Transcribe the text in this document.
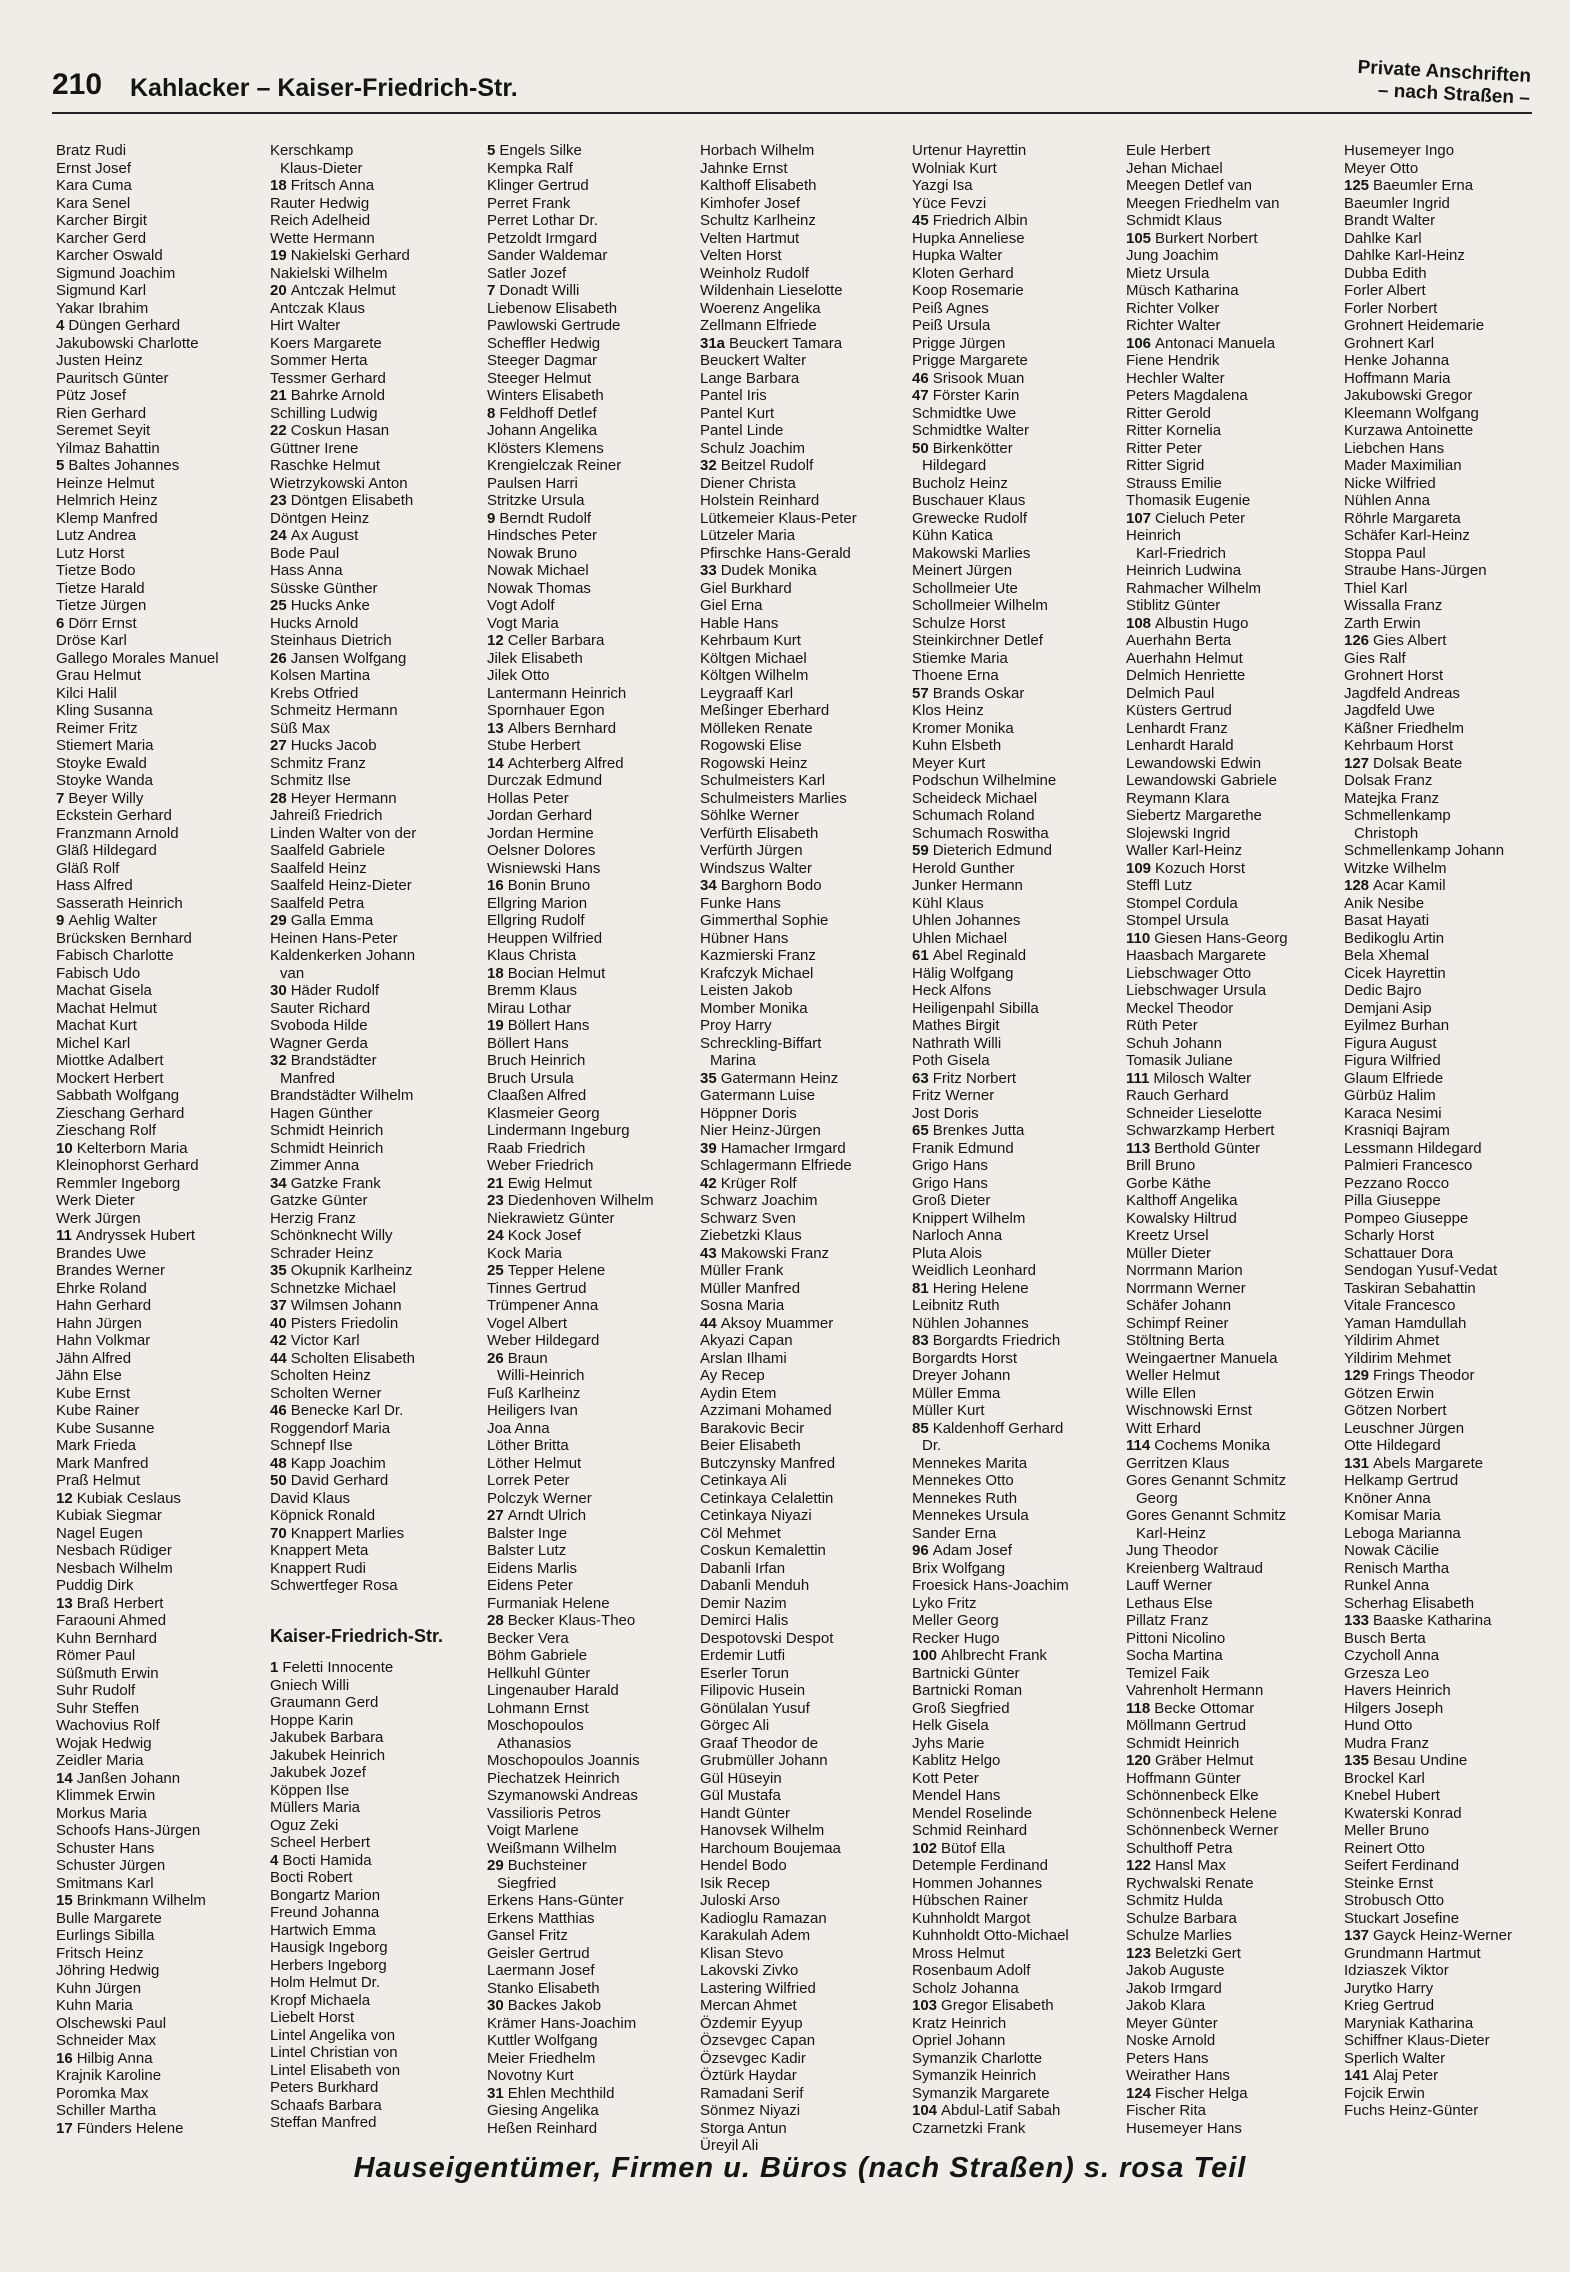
210 Kahlacker – Kaiser-Friedrich-Str.
Private Anschriften
– nach Straßen –
Bratz Rudi
Ernst Josef
Kara Cuma
Kara Senel
Karcher Birgit
Karcher Gerd
Karcher Oswald
Sigmund Joachim
Sigmund Karl
Yakar Ibrahim
4 Düngen Gerhard
Jakubowski Charlotte
Justen Heinz
Pauritsch Günter
Pütz Josef
Rien Gerhard
Seremet Seyit
Yilmaz Bahattin
5 Baltes Johannes
Heinze Helmut
Helmrich Heinz
Klemp Manfred
Lutz Andrea
Lutz Horst
Tietze Bodo
Tietze Harald
Tietze Jürgen
6 Dörr Ernst
Dröse Karl
Gallego Morales Manuel
Grau Helmut
Kilci Halil
Kling Susanna
Reimer Fritz
Stiemert Maria
Stoyke Ewald
Stoyke Wanda
7 Beyer Willy
Eckstein Gerhard
Franzmann Arnold
Gläß Hildegard
Gläß Rolf
Hass Alfred
Sasserath Heinrich
9 Aehlig Walter
Brücksken Bernhard
Fabisch Charlotte
Fabisch Udo
Machat Gisela
Machat Helmut
Machat Kurt
Michel Karl
Miottke Adalbert
Mockert Herbert
Sabbath Wolfgang
Zieschang Gerhard
Zieschang Rolf
10 Kelterborn Maria
Kleinophorst Gerhard
Remmler Ingeborg
Werk Dieter
Werk Jürgen
11 Andryssek Hubert
Brandes Uwe
Brandes Werner
Ehrke Roland
Hahn Gerhard
Hahn Jürgen
Hahn Volkmar
Jähn Alfred
Jähn Else
Kube Ernst
Kube Rainer
Kube Susanne
Mark Frieda
Mark Manfred
Praß Helmut
12 Kubiak Ceslaus
Kubiak Siegmar
Nagel Eugen
Nesbach Rüdiger
Nesbach Wilhelm
Puddig Dirk
13 Braß Herbert
Faraouni Ahmed
Kuhn Bernhard
Römer Paul
Süßmuth Erwin
Suhr Rudolf
Suhr Steffen
Wachovius Rolf
Wojak Hedwig
Zeidler Maria
14 Janßen Johann
Klimmek Erwin
Morkus Maria
Schoofs Hans-Jürgen
Schuster Hans
Schuster Jürgen
Smitmans Karl
15 Brinkmann Wilhelm
Bulle Margarete
Eurlings Sibilla
Fritsch Heinz
Jöhring Hedwig
Kuhn Jürgen
Kuhn Maria
Olschewski Paul
Schneider Max
16 Hilbig Anna
Krajnik Karoline
Poromka Max
Schiller Martha
17 Fünders Helene
Kerschkamp
Klaus-Dieter
18 Fritsch Anna
Rauter Hedwig
Reich Adelheid
Wette Hermann
19 Nakielski Gerhard
Nakielski Wilhelm
20 Antczak Helmut
Antczak Klaus
Hirt Walter
Koers Margarete
Sommer Herta
Tessmer Gerhard
21 Bahrke Arnold
Schilling Ludwig
22 Coskun Hasan
Güttner Irene
Raschke Helmut
Wietrzykowski Anton
23 Döntgen Elisabeth
Döntgen Heinz
24 Ax August
Bode Paul
Hass Anna
Süsske Günther
25 Hucks Anke
Hucks Arnold
Steinhaus Dietrich
26 Jansen Wolfgang
Kolsen Martina
Krebs Otfried
Schmeitz Hermann
Süß Max
27 Hucks Jacob
Schmitz Franz
Schmitz Ilse
28 Heyer Hermann
Jahreiß Friedrich
Linden Walter von der
Saalfeld Gabriele
Saalfeld Heinz
Saalfeld Heinz-Dieter
Saalfeld Petra
29 Galla Emma
Heinen Hans-Peter
Kaldenkerken Johann
van
30 Häder Rudolf
Sauter Richard
Svoboda Hilde
Wagner Gerda
32 Brandstädter
Manfred
Brandstädter Wilhelm
Hagen Günther
Schmidt Heinrich
Schmidt Heinrich
Zimmer Anna
34 Gatzke Frank
Gatzke Günter
Herzig Franz
Schönknecht Willy
Schrader Heinz
35 Okupnik Karlheinz
Schnetzke Michael
37 Wilmsen Johann
40 Pisters Friedolin
42 Victor Karl
44 Scholten Elisabeth
Scholten Heinz
Scholten Werner
46 Benecke Karl Dr.
Roggendorf Maria
Schnepf Ilse
48 Kapp Joachim
50 David Gerhard
David Klaus
Köpnick Ronald
70 Knappert Marlies
Knappert Meta
Knappert Rudi
Schwertfeger Rosa
Kaiser-Friedrich-Str.
1 Feletti Innocente
Gniech Willi
Graumann Gerd
Hoppe Karin
Jakubek Barbara
Jakubek Heinrich
Jakubek Jozef
Köppen Ilse
Müllers Maria
Oguz Zeki
Scheel Herbert
4 Bocti Hamida
Bocti Robert
Bongartz Marion
Freund Johanna
Hartwich Emma
Hausigk Ingeborg
Herbers Ingeborg
Holm Helmut Dr.
Kropf Michaela
Liebelt Horst
Lintel Angelika von
Lintel Christian von
Lintel Elisabeth von
Peters Burkhard
Schaafs Barbara
Steffan Manfred
5 Engels Silke
Kempka Ralf
Klinger Gertrud
Perret Frank
Perret Lothar Dr.
Petzoldt Irmgard
Sander Waldemar
Satler Jozef
7 Donadt Willi
Liebenow Elisabeth
Pawlowski Gertrude
Scheffler Hedwig
Steeger Dagmar
Steeger Helmut
Winters Elisabeth
8 Feldhoff Detlef
Johann Angelika
Klösters Klemens
Krengielczak Reiner
Paulsen Harri
Stritzke Ursula
9 Berndt Rudolf
Hindsches Peter
Nowak Bruno
Nowak Michael
Nowak Thomas
Vogt Adolf
Vogt Maria
12 Celler Barbara
Jilek Elisabeth
Jilek Otto
Lantermann Heinrich
Spornhauer Egon
13 Albers Bernhard
Stube Herbert
14 Achterberg Alfred
Durczak Edmund
Hollas Peter
Jordan Gerhard
Jordan Hermine
Oelsner Dolores
Wisniewski Hans
16 Bonin Bruno
Ellgring Marion
Ellgring Rudolf
Heuppen Wilfried
Klaus Christa
18 Bocian Helmut
Bremm Klaus
Mirau Lothar
19 Böllert Hans
Böllert Hans
Bruch Heinrich
Bruch Ursula
Claaßen Alfred
Klasmeier Georg
Lindermann Ingeburg
Raab Friedrich
Weber Friedrich
21 Ewig Helmut
23 Diedenhoven Wilhelm
Niekrawietz Günter
24 Kock Josef
Kock Maria
25 Tepper Helene
Tinnes Gertrud
Trümpener Anna
Vogel Albert
Weber Hildegard
26 Braun
Willi-Heinrich
Fuß Karlheinz
Heiligers Ivan
Joa Anna
Löther Britta
Löther Helmut
Lorrek Peter
Polczyk Werner
27 Arndt Ulrich
Balster Inge
Balster Lutz
Eidens Marlis
Eidens Peter
Furmaniak Helene
28 Becker Klaus-Theo
Becker Vera
Böhm Gabriele
Hellkuhl Günter
Lingenauber Harald
Lohmann Ernst
Moschopoulos
Athanasios
Moschopoulos Joannis
Piechatzek Heinrich
Szymanowski Andreas
Vassilioris Petros
Voigt Marlene
Weißmann Wilhelm
29 Buchsteiner
Siegfried
Erkens Hans-Günter
Erkens Matthias
Gansel Fritz
Geisler Gertrud
Laermann Josef
Stanko Elisabeth
30 Backes Jakob
Krämer Hans-Joachim
Kuttler Wolfgang
Meier Friedhelm
Novotny Kurt
31 Ehlen Mechthild
Giesing Angelika
Heßen Reinhard
Horbach Wilhelm
Jahnke Ernst
Kalthoff Elisabeth
Kimhofer Josef
Schultz Karlheinz
Velten Hartmut
Velten Horst
Weinholz Rudolf
Wildenhain Lieselotte
Woerenz Angelika
Zellmann Elfriede
31a Beuckert Tamara
Beuckert Walter
Lange Barbara
Pantel Iris
Pantel Kurt
Pantel Linde
Schulz Joachim
32 Beitzel Rudolf
Diener Christa
Holstein Reinhard
Lütkemeier Klaus-Peter
Lützeler Maria
Pfirschke Hans-Gerald
33 Dudek Monika
Giel Burkhard
Giel Erna
Hable Hans
Kehrbaum Kurt
Költgen Michael
Költgen Wilhelm
Leygraaff Karl
Meßinger Eberhard
Mölleken Renate
Rogowski Elise
Rogowski Heinz
Schulmeisters Karl
Schulmeisters Marlies
Söhlke Werner
Verfürth Elisabeth
Verfürth Jürgen
Windszus Walter
34 Barghorn Bodo
Funke Hans
Gimmerthal Sophie
Hübner Hans
Kazmierski Franz
Krafczyk Michael
Leisten Jakob
Momber Monika
Proy Harry
Schreckling-Biffart
Marina
35 Gatermann Heinz
Gatermann Luise
Höppner Doris
Nier Heinz-Jürgen
39 Hamacher Irmgard
Schlagermann Elfriede
42 Krüger Rolf
Schwarz Joachim
Schwarz Sven
Ziebetzki Klaus
43 Makowski Franz
Müller Frank
Müller Manfred
Sosna Maria
44 Aksoy Muammer
Akyazi Capan
Arslan Ilhami
Ay Recep
Aydin Etem
Azzimani Mohamed
Barakovic Becir
Beier Elisabeth
Butczynsky Manfred
Cetinkaya Ali
Cetinkaya Celalettin
Cetinkaya Niyazi
Cöl Mehmet
Coskun Kemalettin
Dabanli Irfan
Dabanli Menduh
Demir Nazim
Demirci Halis
Despotovski Despot
Erdemir Lutfi
Eserler Torun
Filipovic Husein
Gönülalan Yusuf
Görgec Ali
Graaf Theodor de
Grubmüller Johann
Gül Hüseyin
Gül Mustafa
Handt Günter
Hanovsek Wilhelm
Harchoum Boujemaa
Hendel Bodo
Isik Recep
Juloski Arso
Kadioglu Ramazan
Karakulah Adem
Klisan Stevo
Lakovski Zivko
Lastering Wilfried
Mercan Ahmet
Özdemir Eyyup
Özsevgec Capan
Özsevgec Kadir
Öztürk Haydar
Ramadani Serif
Sönmez Niyazi
Storga Antun
Üreyil Ali
Urtenur Hayrettin
Wolniak Kurt
Yazgi Isa
Yüce Fevzi
45 Friedrich Albin
Hupka Anneliese
Hupka Walter
Kloten Gerhard
Koop Rosemarie
Peiß Agnes
Peiß Ursula
Prigge Jürgen
Prigge Margarete
46 Srisook Muan
47 Förster Karin
Schmidtke Uwe
Schmidtke Walter
50 Birkenkötter
Hildegard
Bucholz Heinz
Buschauer Klaus
Grewecke Rudolf
Kühn Katica
Makowski Marlies
Meinert Jürgen
Schollmeier Ute
Schollmeier Wilhelm
Schulze Horst
Steinkirchner Detlef
Stiemke Maria
Thoene Erna
57 Brands Oskar
Klos Heinz
Kromer Monika
Kuhn Elsbeth
Meyer Kurt
Podschun Wilhelmine
Scheideck Michael
Schumach Roland
Schumach Roswitha
59 Dieterich Edmund
Herold Gunther
Junker Hermann
Kühl Klaus
Uhlen Johannes
Uhlen Michael
61 Abel Reginald
Hälig Wolfgang
Heck Alfons
Heiligenpahl Sibilla
Mathes Birgit
Nathrath Willi
Poth Gisela
63 Fritz Norbert
Fritz Werner
Jost Doris
65 Brenkes Jutta
Franik Edmund
Grigo Hans
Grigo Hans
Groß Dieter
Knippert Wilhelm
Narloch Anna
Pluta Alois
Weidlich Leonhard
81 Hering Helene
Leibnitz Ruth
Nühlen Johannes
83 Borgardts Friedrich
Borgardts Horst
Dreyer Johann
Müller Emma
Müller Kurt
85 Kaldenhoff Gerhard
Dr.
Mennekes Marita
Mennekes Otto
Mennekes Ruth
Mennekes Ursula
Sander Erna
96 Adam Josef
Brix Wolfgang
Froesick Hans-Joachim
Lyko Fritz
Meller Georg
Recker Hugo
100 Ahlbrecht Frank
Bartnicki Günter
Bartnicki Roman
Groß Siegfried
Helk Gisela
Jyhs Marie
Kablitz Helgo
Kott Peter
Mendel Hans
Mendel Roselinde
Schmid Reinhard
102 Bütof Ella
Detemple Ferdinand
Hommen Johannes
Hübschen Rainer
Kuhnholdt Margot
Kuhnholdt Otto-Michael
Mross Helmut
Rosenbaum Adolf
Scholz Johanna
103 Gregor Elisabeth
Kratz Heinrich
Opriel Johann
Symanzik Charlotte
Symanzik Heinrich
Symanzik Margarete
104 Abdul-Latif Sabah
Czarnetzki Frank
Eule Herbert
Jehan Michael
Meegen Detlef van
Meegen Friedhelm van
Schmidt Klaus
105 Burkert Norbert
Jung Joachim
Mietz Ursula
Müsch Katharina
Richter Volker
Richter Walter
106 Antonaci Manuela
Fiene Hendrik
Hechler Walter
Peters Magdalena
Ritter Gerold
Ritter Kornelia
Ritter Peter
Ritter Sigrid
Strauss Emilie
Thomasik Eugenie
107 Cieluch Peter
Heinrich
Karl-Friedrich
Heinrich Ludwina
Rahmacher Wilhelm
Stiblitz Günter
108 Albustin Hugo
Auerhahn Berta
Auerhahn Helmut
Delmich Henriette
Delmich Paul
Küsters Gertrud
Lenhardt Franz
Lenhardt Harald
Lewandowski Edwin
Lewandowski Gabriele
Reymann Klara
Siebertz Margarethe
Slojewski Ingrid
Waller Karl-Heinz
109 Kozuch Horst
Steffl Lutz
Stompel Cordula
Stompel Ursula
110 Giesen Hans-Georg
Haasbach Margarete
Liebschwager Otto
Liebschwager Ursula
Meckel Theodor
Rüth Peter
Schuh Johann
Tomasik Juliane
111 Milosch Walter
Rauch Gerhard
Schneider Lieselotte
Schwarzkamp Herbert
113 Berthold Günter
Brill Bruno
Gorbe Käthe
Kalthoff Angelika
Kowalsky Hiltrud
Kreetz Ursel
Müller Dieter
Norrmann Marion
Norrmann Werner
Schäfer Johann
Schimpf Reiner
Stöltning Berta
Weingaertner Manuela
Weller Helmut
Wille Ellen
Wischnowski Ernst
Witt Erhard
114 Cochems Monika
Gerritzen Klaus
Gores Genannt Schmitz
Georg
Gores Genannt Schmitz
Karl-Heinz
Jung Theodor
Kreienberg Waltraud
Lauff Werner
Lethaus Else
Pillatz Franz
Pittoni Nicolino
Socha Martina
Temizel Faik
Vahrenholt Hermann
118 Becke Ottomar
Möllmann Gertrud
Schmidt Heinrich
120 Gräber Helmut
Hoffmann Günter
Schönnenbeck Elke
Schönnenbeck Helene
Schönnenbeck Werner
Schulthoff Petra
122 Hansl Max
Rychwalski Renate
Schmitz Hulda
Schulze Barbara
Schulze Marlies
123 Beletzki Gert
Jakob Auguste
Jakob Irmgard
Jakob Klara
Meyer Günter
Noske Arnold
Peters Hans
Weirather Hans
124 Fischer Helga
Fischer Rita
Husemeyer Hans
Husemeyer Ingo
Meyer Otto
125 Baeumler Erna
Baeumler Ingrid
Brandt Walter
Dahlke Karl
Dahlke Karl-Heinz
Dubba Edith
Forler Albert
Forler Norbert
Grohnert Heidemarie
Grohnert Karl
Henke Johanna
Hoffmann Maria
Jakubowski Gregor
Kleemann Wolfgang
Kurzawa Antoinette
Liebchen Hans
Mader Maximilian
Nicke Wilfried
Nühlen Anna
Röhrle Margareta
Schäfer Karl-Heinz
Stoppa Paul
Straube Hans-Jürgen
Thiel Karl
Wissalla Franz
Zarth Erwin
126 Gies Albert
Gies Ralf
Grohnert Horst
Jagdfeld Andreas
Jagdfeld Uwe
Käßner Friedhelm
Kehrbaum Horst
127 Dolsak Beate
Dolsak Franz
Matejka Franz
Schmellenkamp
Christoph
Schmellenkamp Johann
Witzke Wilhelm
128 Acar Kamil
Anik Nesibe
Basat Hayati
Bedikoglu Artin
Bela Xhemal
Cicek Hayrettin
Dedic Bajro
Demjani Asip
Eyilmez Burhan
Figura August
Figura Wilfried
Glaum Elfriede
Gürbüz Halim
Karaca Nesimi
Krasniqi Bajram
Lessmann Hildegard
Palmieri Francesco
Pezzano Rocco
Pilla Giuseppe
Pompeo Giuseppe
Scharly Horst
Schattauer Dora
Sendogan Yusuf-Vedat
Taskiran Sebahattin
Vitale Francesco
Yaman Hamdullah
Yildirim Ahmet
Yildirim Mehmet
129 Frings Theodor
Götzen Erwin
Götzen Norbert
Leuschner Jürgen
Otte Hildegard
131 Abels Margarete
Helkamp Gertrud
Knöner Anna
Komisar Maria
Leboga Marianna
Nowak Cäcilie
Renisch Martha
Runkel Anna
Scherhag Elisabeth
133 Baaske Katharina
Busch Berta
Czycholl Anna
Grzesza Leo
Havers Heinrich
Hilgers Joseph
Hund Otto
Mudra Franz
135 Besau Undine
Brockel Karl
Knebel Hubert
Kwaterski Konrad
Meller Bruno
Reinert Otto
Seifert Ferdinand
Steinke Ernst
Strobusch Otto
Stuckart Josefine
137 Gayck Heinz-Werner
Grundmann Hartmut
Idziaszek Viktor
Jurytko Harry
Krieg Gertrud
Maryniak Katharina
Schiffner Klaus-Dieter
Sperlich Walter
141 Alaj Peter
Fojcik Erwin
Fuchs Heinz-Günter
Hauseigentümer, Firmen u. Büros (nach Straßen) s. rosa Teil
